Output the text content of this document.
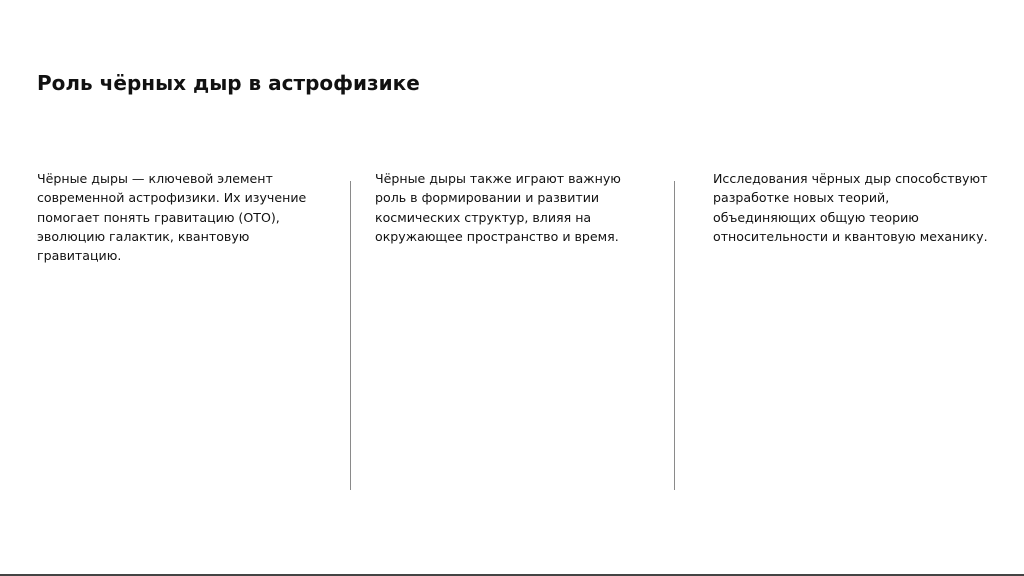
Роль чёрных дыр в астрофизике

Чёрные дыры — ключевой элемент современной астрофизики. Их изучение помогает понять гравитацию (ОТО), эволюцию галактик, квантовую гравитацию.

Чёрные дыры также играют важную роль в формировании и развитии космических структур, влияя на окружающее пространство и время.

Исследования чёрных дыр способствуют разработке новых теорий, объединяющих общую теорию относительности и квантовую механику.
